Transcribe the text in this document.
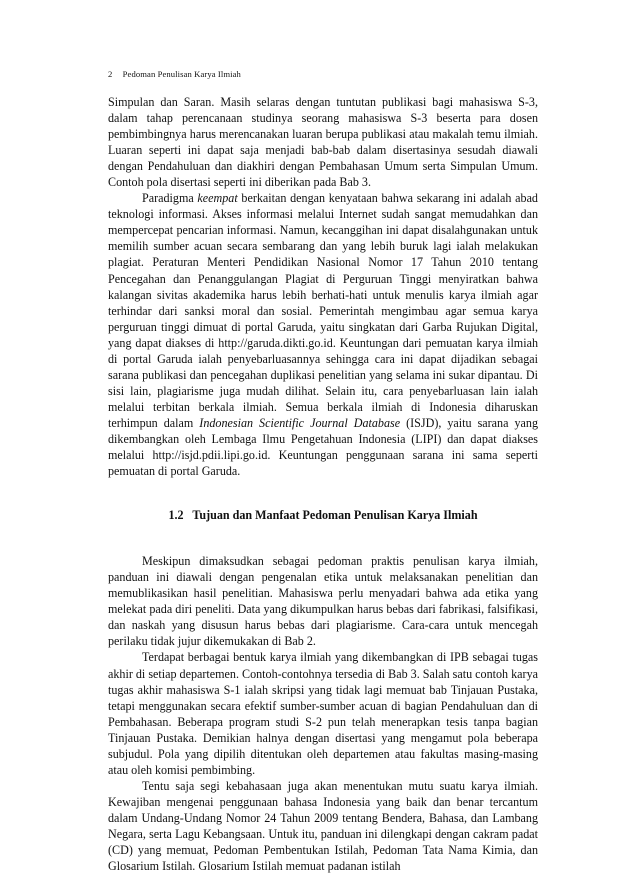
2 Pedoman Penulisan Karya Ilmiah

Simpulan dan Saran. Masih selaras dengan tuntutan publikasi bagi mahasiswa S-3, dalam tahap perencanaan studinya seorang mahasiswa S-3 beserta para dosen pembimbingnya harus merencanakan luaran berupa publikasi atau makalah temu ilmiah. Luaran seperti ini dapat saja menjadi bab-bab dalam disertasinya sesudah diawali dengan Pendahuluan dan diakhiri dengan Pembahasan Umum serta Simpulan Umum. Contoh pola disertasi seperti ini diberikan pada Bab 3.

Paradigma keempat berkaitan dengan kenyataan bahwa sekarang ini adalah abad teknologi informasi. Akses informasi melalui Internet sudah sangat memudahkan dan mempercepat pencarian informasi. Namun, kecanggihan ini dapat disalahgunakan untuk memilih sumber acuan secara sembarang dan yang lebih buruk lagi ialah melakukan plagiat. Peraturan Menteri Pendidikan Nasional Nomor 17 Tahun 2010 tentang Pencegahan dan Penanggulangan Plagiat di Perguruan Tinggi menyiratkan bahwa kalangan sivitas akademika harus lebih berhati-hati untuk menulis karya ilmiah agar terhindar dari sanksi moral dan sosial. Pemerintah mengimbau agar semua karya perguruan tinggi dimuat di portal Garuda, yaitu singkatan dari Garba Rujukan Digital, yang dapat diakses di http://garuda.dikti.go.id. Keuntungan dari pemuatan karya ilmiah di portal Garuda ialah penyebarluasannya sehingga cara ini dapat dijadikan sebagai sarana publikasi dan pencegahan duplikasi penelitian yang selama ini sukar dipantau. Di sisi lain, plagiarisme juga mudah dilihat. Selain itu, cara penyebarluasan lain ialah melalui terbitan berkala ilmiah. Semua berkala ilmiah di Indonesia diharuskan terhimpun dalam Indonesian Scientific Journal Database (ISJD), yaitu sarana yang dikembangkan oleh Lembaga Ilmu Pengetahuan Indonesia (LIPI) dan dapat diakses melalui http://isjd.pdii.lipi.go.id. Keuntungan penggunaan sarana ini sama seperti pemuatan di portal Garuda.

1.2 Tujuan dan Manfaat Pedoman Penulisan Karya Ilmiah

Meskipun dimaksudkan sebagai pedoman praktis penulisan karya ilmiah, panduan ini diawali dengan pengenalan etika untuk melaksanakan penelitian dan memublikasikan hasil penelitian. Mahasiswa perlu menyadari bahwa ada etika yang melekat pada diri peneliti. Data yang dikumpulkan harus bebas dari fabrikasi, falsifikasi, dan naskah yang disusun harus bebas dari plagiarisme. Cara-cara untuk mencegah perilaku tidak jujur dikemukakan di Bab 2.

Terdapat berbagai bentuk karya ilmiah yang dikembangkan di IPB sebagai tugas akhir di setiap departemen. Contoh-contohnya tersedia di Bab 3. Salah satu contoh karya tugas akhir mahasiswa S-1 ialah skripsi yang tidak lagi memuat bab Tinjauan Pustaka, tetapi menggunakan secara efektif sumber-sumber acuan di bagian Pendahuluan dan di Pembahasan. Beberapa program studi S-2 pun telah menerapkan tesis tanpa bagian Tinjauan Pustaka. Demikian halnya dengan disertasi yang mengamut pola beberapa subjudul. Pola yang dipilih ditentukan oleh departemen atau fakultas masing-masing atau oleh komisi pembimbing.

Tentu saja segi kebahasaan juga akan menentukan mutu suatu karya ilmiah. Kewajiban mengenai penggunaan bahasa Indonesia yang baik dan benar tercantum dalam Undang-Undang Nomor 24 Tahun 2009 tentang Bendera, Bahasa, dan Lambang Negara, serta Lagu Kebangsaan. Untuk itu, panduan ini dilengkapi dengan cakram padat (CD) yang memuat, Pedoman Pembentukan Istilah, Pedoman Tata Nama Kimia, dan Glosarium Istilah. Glosarium Istilah memuat padanan istilah
